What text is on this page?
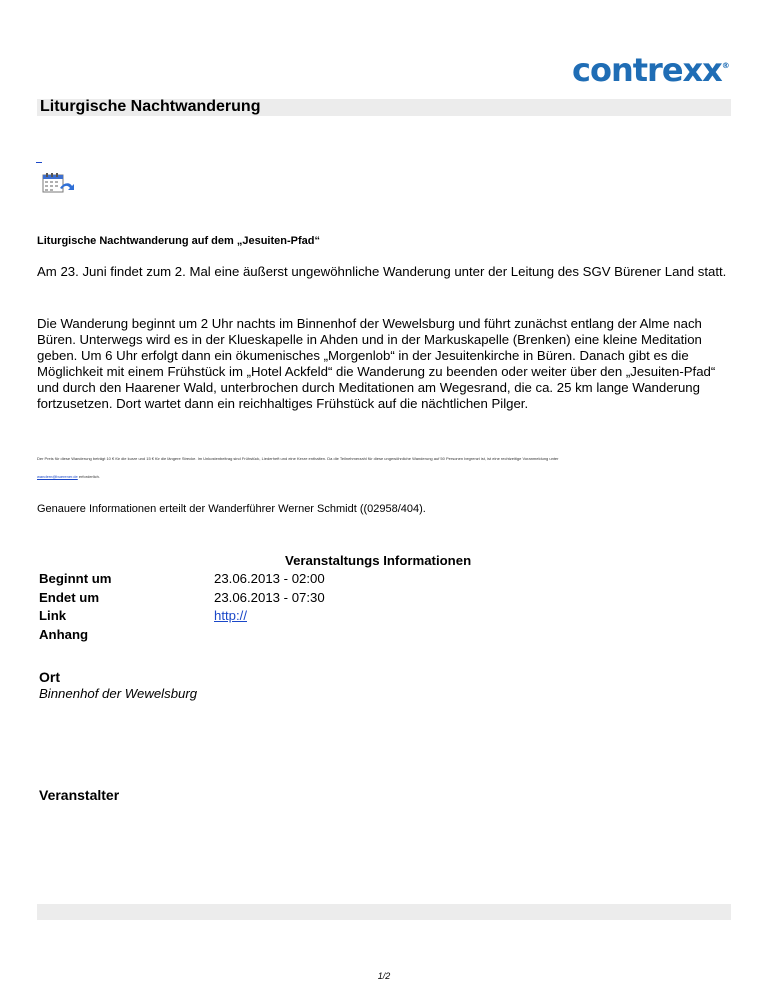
contrexx®
Liturgische Nachtwanderung
Liturgische Nachtwanderung auf dem „Jesuiten-Pfad“
Am 23. Juni findet zum 2. Mal eine äußerst ungewöhnliche Wanderung unter der Leitung des SGV Bürener Land statt.
Die Wanderung beginnt um 2 Uhr nachts im Binnenhof der Wewelsburg und führt zunächst entlang der Alme nach Büren. Unterwegs wird es in der Klueskapelle in Ahden und in der Markuskapelle (Brenken) eine kleine Meditation geben. Um 6 Uhr erfolgt dann ein ökumenisches „Morgenlob“ in der Jesuitenkirche in Büren. Danach gibt es die Möglichkeit mit einem Frühstück im „Hotel Ackfeld“ die Wanderung zu beenden oder weiter über den „Jesuiten-Pfad“ und durch den Haarener Wald, unterbrochen durch Meditationen am Wegesrand, die ca. 25 km lange Wanderung fortzusetzen. Dort wartet dann ein reichhaltiges Frühstück auf die nächtlichen Pilger.
Der Preis für diese Wanderung beträgt 10 € für die kurze und 15 € für die längere Strecke. Im Unkostenbeitrag sind Frühstück, Liederheft und eine Kerze enthalten. Da die Teilnehmerzahl für diese ungewöhnliche Wanderung auf 50 Personen begrenzt ist, ist eine rechtzeitige Voranmeldung unter
wandern@buerener.de erforderlich.
Genauere Informationen erteilt der Wanderführer Werner Schmidt ((02958/404).
Veranstaltungs Informationen
Beginnt um	23.06.2013 - 02:00
Endet um	23.06.2013 - 07:30
Link	http://
Anhang
Ort
Binnenhof der Wewelsburg
Veranstalter
1/2
